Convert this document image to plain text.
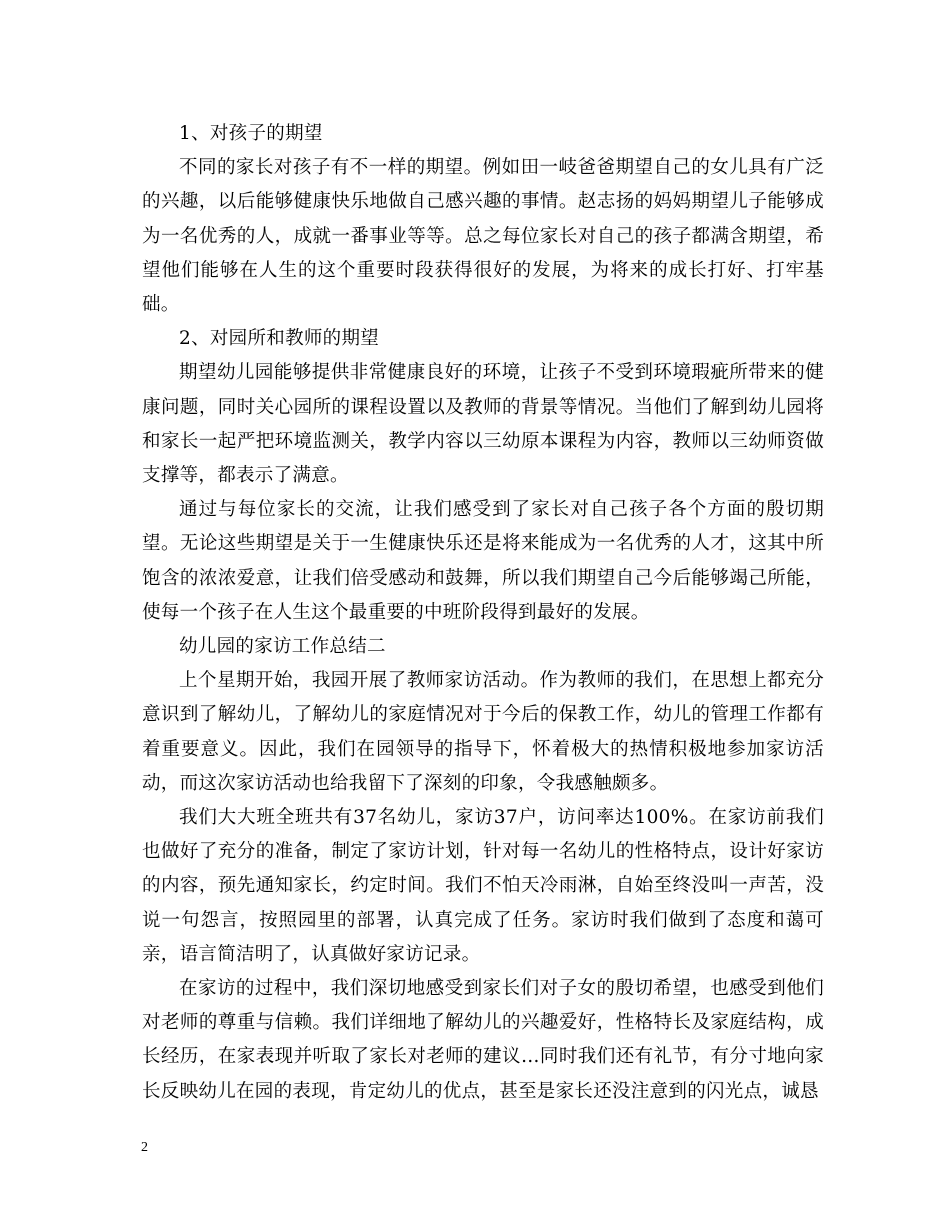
1、对孩子的期望

不同的家长对孩子有不一样的期望。例如田一岐爸爸期望自己的女儿具有广泛的兴趣，以后能够健康快乐地做自己感兴趣的事情。赵志扬的妈妈期望儿子能够成为一名优秀的人，成就一番事业等等。总之每位家长对自己的孩子都满含期望，希望他们能够在人生的这个重要时段获得很好的发展，为将来的成长打好、打牢基础。

2、对园所和教师的期望

期望幼儿园能够提供非常健康良好的环境，让孩子不受到环境瑕疵所带来的健康问题，同时关心园所的课程设置以及教师的背景等情况。当他们了解到幼儿园将和家长一起严把环境监测关，教学内容以三幼原本课程为内容，教师以三幼师资做支撑等，都表示了满意。

通过与每位家长的交流，让我们感受到了家长对自己孩子各个方面的殷切期望。无论这些期望是关于一生健康快乐还是将来能成为一名优秀的人才，这其中所饱含的浓浓爱意，让我们倍受感动和鼓舞，所以我们期望自己今后能够竭己所能，使每一个孩子在人生这个最重要的中班阶段得到最好的发展。

幼儿园的家访工作总结二

上个星期开始，我园开展了教师家访活动。作为教师的我们，在思想上都充分意识到了解幼儿，了解幼儿的家庭情况对于今后的保教工作，幼儿的管理工作都有着重要意义。因此，我们在园领导的指导下，怀着极大的热情积极地参加家访活动，而这次家访活动也给我留下了深刻的印象，令我感触颇多。

我们大大班全班共有37名幼儿，家访37户，访问率达100%。在家访前我们也做好了充分的准备，制定了家访计划，针对每一名幼儿的性格特点，设计好家访的内容，预先通知家长，约定时间。我们不怕天冷雨淋，自始至终没叫一声苦，没说一句怨言，按照园里的部署，认真完成了任务。家访时我们做到了态度和蔼可亲，语言简洁明了，认真做好家访记录。

在家访的过程中，我们深切地感受到家长们对子女的殷切希望，也感受到他们对老师的尊重与信赖。我们详细地了解幼儿的兴趣爱好，性格特长及家庭结构，成长经历，在家表现并听取了家长对老师的建议…同时我们还有礼节，有分寸地向家长反映幼儿在园的表现，肯定幼儿的优点，甚至是家长还没注意到的闪光点，诚恳

2
